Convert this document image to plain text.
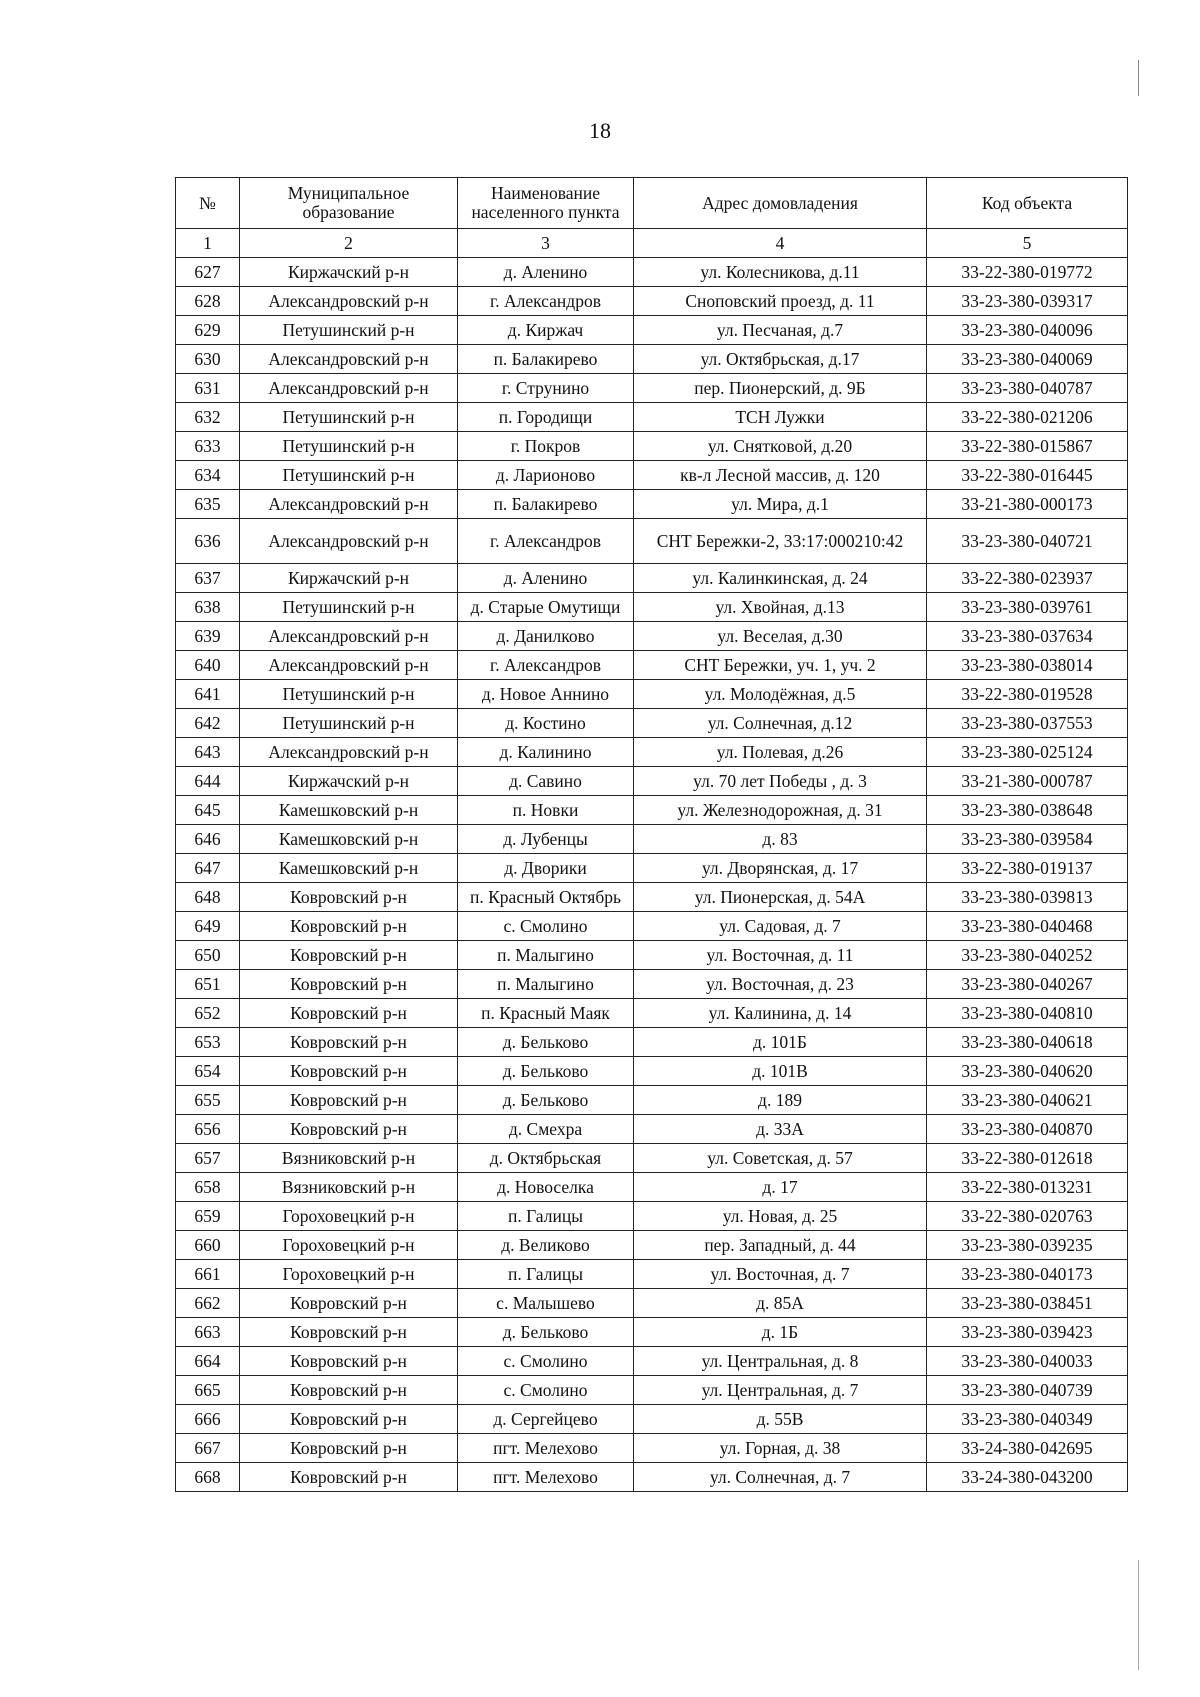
18
№	Муниципальное образование	Наименование населенного пункта	Адрес домовладения	Код объекта
1	2	3	4	5
627	Киржачский р-н	д. Аленино	ул. Колесникова, д.11	33-22-380-019772
628	Александровский р-н	г. Александров	Сноповский проезд, д. 11	33-23-380-039317
629	Петушинский р-н	д. Киржач	ул. Песчаная, д.7	33-23-380-040096
630	Александровский р-н	п. Балакирево	ул. Октябрьская, д.17	33-23-380-040069
631	Александровский р-н	г. Струнино	пер. Пионерский, д. 9Б	33-23-380-040787
632	Петушинский р-н	п. Городищи	ТСН Лужки	33-22-380-021206
633	Петушинский р-н	г. Покров	ул. Снятковой, д.20	33-22-380-015867
634	Петушинский р-н	д. Ларионово	кв-л Лесной массив, д. 120	33-22-380-016445
635	Александровский р-н	п. Балакирево	ул. Мира, д.1	33-21-380-000173
636	Александровский р-н	г. Александров	СНТ Бережки-2, 33:17:000210:42	33-23-380-040721
637	Киржачский р-н	д. Аленино	ул. Калинкинская, д. 24	33-22-380-023937
638	Петушинский р-н	д. Старые Омутищи	ул. Хвойная, д.13	33-23-380-039761
639	Александровский р-н	д. Данилково	ул. Веселая, д.30	33-23-380-037634
640	Александровский р-н	г. Александров	СНТ Бережки, уч. 1, уч. 2	33-23-380-038014
641	Петушинский р-н	д. Новое Аннино	ул. Молодёжная, д.5	33-22-380-019528
642	Петушинский р-н	д. Костино	ул. Солнечная, д.12	33-23-380-037553
643	Александровский р-н	д. Калинино	ул. Полевая, д.26	33-23-380-025124
644	Киржачский р-н	д. Савино	ул. 70 лет Победы , д. 3	33-21-380-000787
645	Камешковский р-н	п. Новки	ул. Железнодорожная, д. 31	33-23-380-038648
646	Камешковский р-н	д. Лубенцы	д. 83	33-23-380-039584
647	Камешковский р-н	д. Дворики	ул. Дворянская, д. 17	33-22-380-019137
648	Ковровский р-н	п. Красный Октябрь	ул. Пионерская, д. 54А	33-23-380-039813
649	Ковровский р-н	с. Смолино	ул. Садовая, д. 7	33-23-380-040468
650	Ковровский р-н	п. Малыгино	ул. Восточная, д. 11	33-23-380-040252
651	Ковровский р-н	п. Малыгино	ул. Восточная, д. 23	33-23-380-040267
652	Ковровский р-н	п. Красный Маяк	ул. Калинина, д. 14	33-23-380-040810
653	Ковровский р-н	д. Бельково	д. 101Б	33-23-380-040618
654	Ковровский р-н	д. Бельково	д. 101В	33-23-380-040620
655	Ковровский р-н	д. Бельково	д. 189	33-23-380-040621
656	Ковровский р-н	д. Смехра	д. 33А	33-23-380-040870
657	Вязниковский р-н	д. Октябрьская	ул. Советская, д. 57	33-22-380-012618
658	Вязниковский р-н	д. Новоселка	д. 17	33-22-380-013231
659	Гороховецкий р-н	п. Галицы	ул. Новая, д. 25	33-22-380-020763
660	Гороховецкий р-н	д. Великово	пер. Западный, д. 44	33-23-380-039235
661	Гороховецкий р-н	п. Галицы	ул. Восточная, д. 7	33-23-380-040173
662	Ковровский р-н	с. Малышево	д. 85А	33-23-380-038451
663	Ковровский р-н	д. Бельково	д. 1Б	33-23-380-039423
664	Ковровский р-н	с. Смолино	ул. Центральная, д. 8	33-23-380-040033
665	Ковровский р-н	с. Смолино	ул. Центральная, д. 7	33-23-380-040739
666	Ковровский р-н	д. Сергейцево	д. 55В	33-23-380-040349
667	Ковровский р-н	пгт. Мелехово	ул. Горная, д. 38	33-24-380-042695
668	Ковровский р-н	пгт. Мелехово	ул. Солнечная, д. 7	33-24-380-043200
